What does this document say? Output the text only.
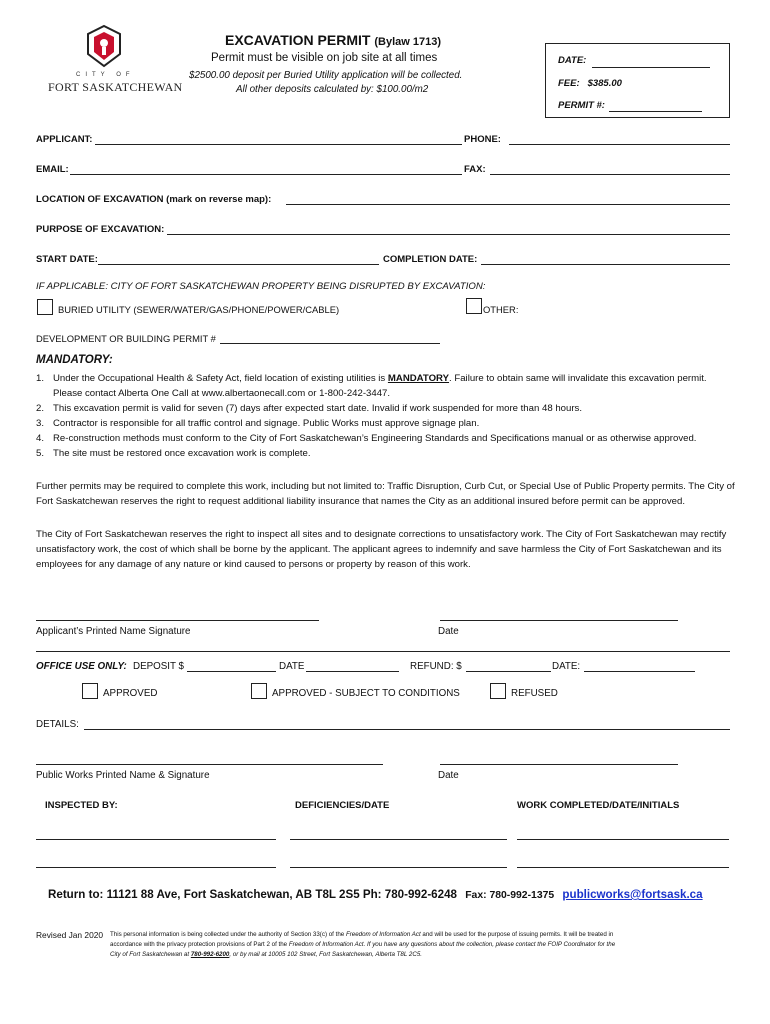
CITY OF
FORT SASKATCHEWAN
EXCAVATION PERMIT (Bylaw 1713)
Permit must be visible on job site at all times
$2500.00 deposit per Buried Utility application will be collected.
All other deposits calculated by: $100.00/m2
DATE:
FEE: $385.00
PERMIT #:
APPLICANT:	PHONE:
EMAIL:	FAX:
LOCATION OF EXCAVATION (mark on reverse map):
PURPOSE OF EXCAVATION:
START DATE:	COMPLETION DATE:
IF APPLICABLE: CITY OF FORT SASKATCHEWAN PROPERTY BEING DISRUPTED BY EXCAVATION:
BURIED UTILITY (SEWER/WATER/GAS/PHONE/POWER/CABLE)	OTHER:
DEVELOPMENT OR BUILDING PERMIT #
MANDATORY:
1. Under the Occupational Health & Safety Act, field location of existing utilities is MANDATORY. Failure to obtain same will invalidate this excavation permit. Please contact Alberta One Call at www.albertaonecall.com or 1-800-242-3447.
2. This excavation permit is valid for seven (7) days after expected start date. Invalid if work suspended for more than 48 hours.
3. Contractor is responsible for all traffic control and signage. Public Works must approve signage plan.
4. Re-construction methods must conform to the City of Fort Saskatchewan’s Engineering Standards and Specifications manual or as otherwise approved.
5. The site must be restored once excavation work is complete.
Further permits may be required to complete this work, including but not limited to: Traffic Disruption, Curb Cut, or Special Use of Public Property permits. The City of Fort Saskatchewan reserves the right to request additional liability insurance that names the City as an additional insured before permit can be approved.
The City of Fort Saskatchewan reserves the right to inspect all sites and to designate corrections to unsatisfactory work. The City of Fort Saskatchewan may rectify unsatisfactory work, the cost of which shall be borne by the applicant. The applicant agrees to indemnify and save harmless the City of Fort Saskatchewan and its employees for any damage of any nature or kind caused to persons or property by reason of this work.
Applicant’s Printed Name Signature	Date
OFFICE USE ONLY: DEPOSIT $	DATE	REFUND: $	DATE:
APPROVED	APPROVED - SUBJECT TO CONDITIONS	REFUSED
DETAILS:
Public Works Printed Name & Signature	Date
INSPECTED BY:	DEFICIENCIES/DATE	WORK COMPLETED/DATE/INITIALS
Return to: 11121 88 Ave, Fort Saskatchewan, AB T8L 2S5 Ph: 780-992-6248 Fax: 780-992-1375 publicworks@fortsask.ca
Revised Jan 2020 This personal information is being collected under the authority of Section 33(c) of the Freedom of Information Act and will be used for the purpose of issuing permits. It will be treated in
accordance with the privacy protection provisions of Part 2 of the Freedom of Information Act. If you have any questions about the collection, please contact the FOIP Coordinator for the
City of Fort Saskatchewan at 780-992-6200, or by mail at 10005 102 Street, Fort Saskatchewan, Alberta T8L 2C5.
